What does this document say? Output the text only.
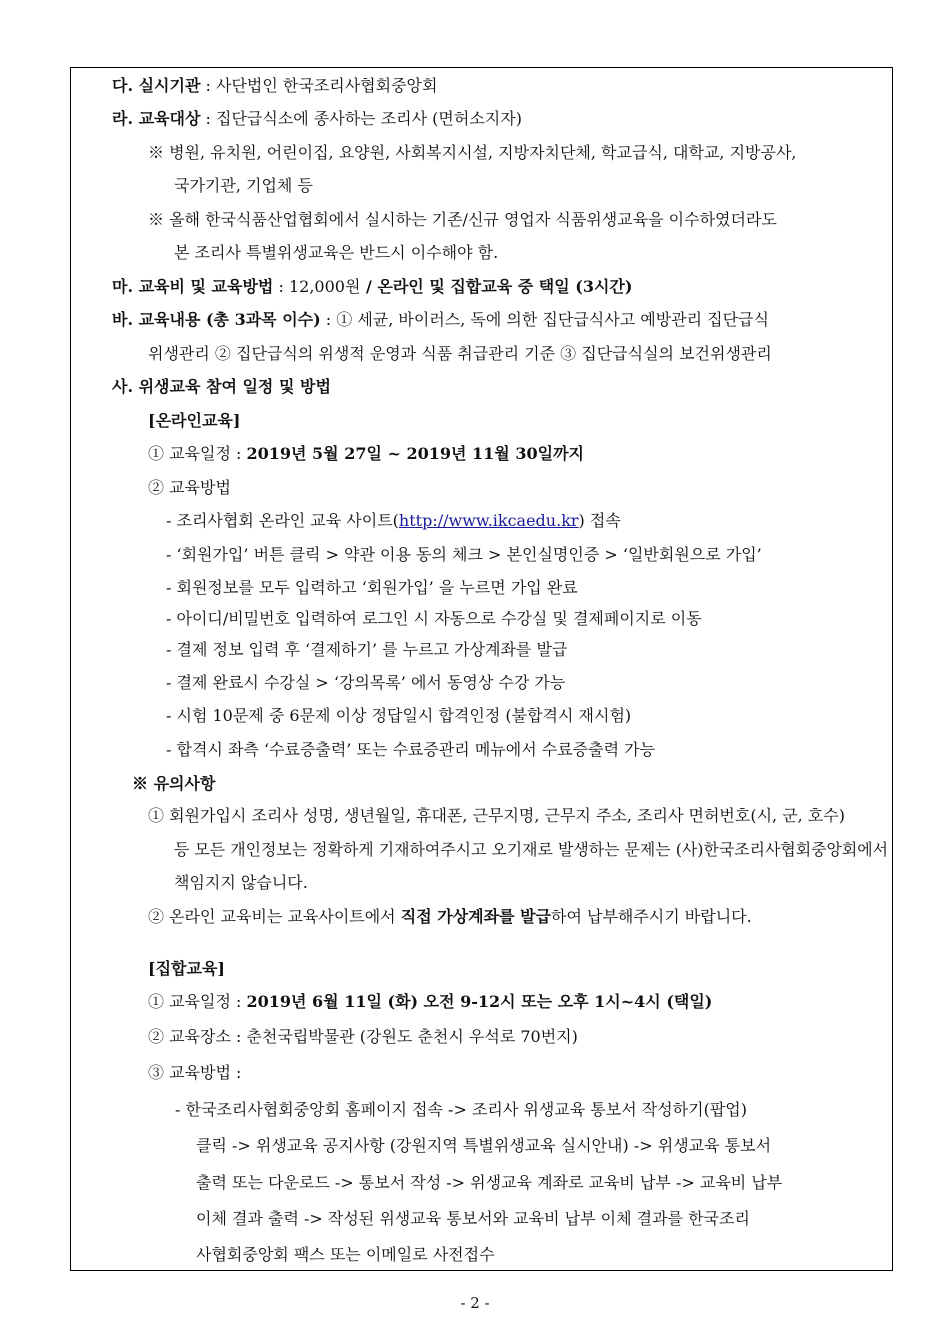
다. 실시기관 : 사단법인 한국조리사협회중앙회
라. 교육대상 : 집단급식소에 종사하는 조리사 (면허소지자)
※ 병원, 유치원, 어린이집, 요양원, 사회복지시설, 지방자치단체, 학교급식, 대학교, 지방공사,
국가기관, 기업체 등
※ 올해 한국식품산업협회에서 실시하는 기존/신규 영업자 식품위생교육을 이수하였더라도
본 조리사 특별위생교육은 반드시 이수해야 함.
마. 교육비 및 교육방법 : 12,000원 / 온라인 및 집합교육 중 택일 (3시간)
바. 교육내용 (총 3과목 이수) : ① 세균, 바이러스, 독에 의한 집단급식사고 예방관리 집단급식
위생관리 ② 집단급식의 위생적 운영과 식품 취급관리 기준 ③ 집단급식실의 보건위생관리
사. 위생교육 참여 일정 및 방법
[온라인교육]
① 교육일정 : 2019년 5월 27일 ~ 2019년 11월 30일까지
② 교육방법
- 조리사협회 온라인 교육 사이트(http://www.ikcaedu.kr) 접속
- ‘회원가입’ 버튼 클릭 > 약관 이용 동의 체크 > 본인실명인증 > ‘일반회원으로 가입’
- 회원정보를 모두 입력하고 ‘회원가입’ 을 누르면 가입 완료
- 아이디/비밀번호 입력하여 로그인 시 자동으로 수강실 및 결제페이지로 이동
- 결제 정보 입력 후 ‘결제하기’ 를 누르고 가상계좌를 발급
- 결제 완료시 수강실 > ‘강의목록’ 에서 동영상 수강 가능
- 시험 10문제 중 6문제 이상 정답일시 합격인정 (불합격시 재시험)
- 합격시 좌측 ‘수료증출력’ 또는 수료증관리 메뉴에서 수료증출력 가능
※ 유의사항
① 회원가입시 조리사 성명, 생년월일, 휴대폰, 근무지명, 근무지 주소, 조리사 면허번호(시, 군, 호수)
등 모든 개인정보는 정확하게 기재하여주시고 오기재로 발생하는 문제는 (사)한국조리사협회중앙회에서
책임지지 않습니다.
② 온라인 교육비는 교육사이트에서 직접 가상계좌를 발급하여 납부해주시기 바랍니다.
[집합교육]
① 교육일정 : 2019년 6월 11일 (화) 오전 9-12시 또는 오후 1시~4시 (택일)
② 교육장소 : 춘천국립박물관 (강원도 춘천시 우석로 70번지)
③ 교육방법 :
- 한국조리사협회중앙회 홈페이지 접속 -> 조리사 위생교육 통보서 작성하기(팝업)
클릭 -> 위생교육 공지사항 (강원지역 특별위생교육 실시안내) -> 위생교육 통보서
출력 또는 다운로드 -> 통보서 작성 -> 위생교육 계좌로 교육비 납부 -> 교육비 납부
이체 결과 출력 -> 작성된 위생교육 통보서와 교육비 납부 이체 결과를 한국조리
사협회중앙회 팩스 또는 이메일로 사전접수
- 2 -
